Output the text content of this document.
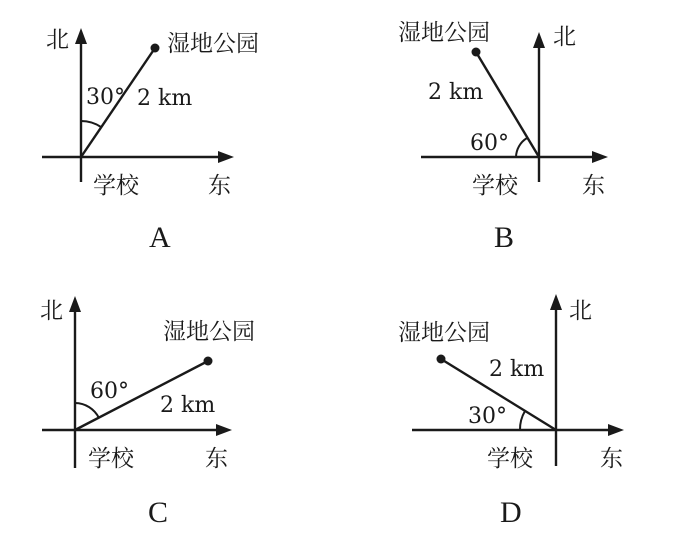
北
东
学校
湿地公园
30° 2 km
A
湿地公园	北
2 km
60°
学校	东
B
北
湿地公园
60°
2 km
学校	东
C
湿地公园
北
2 km
30°
学校	东
D
